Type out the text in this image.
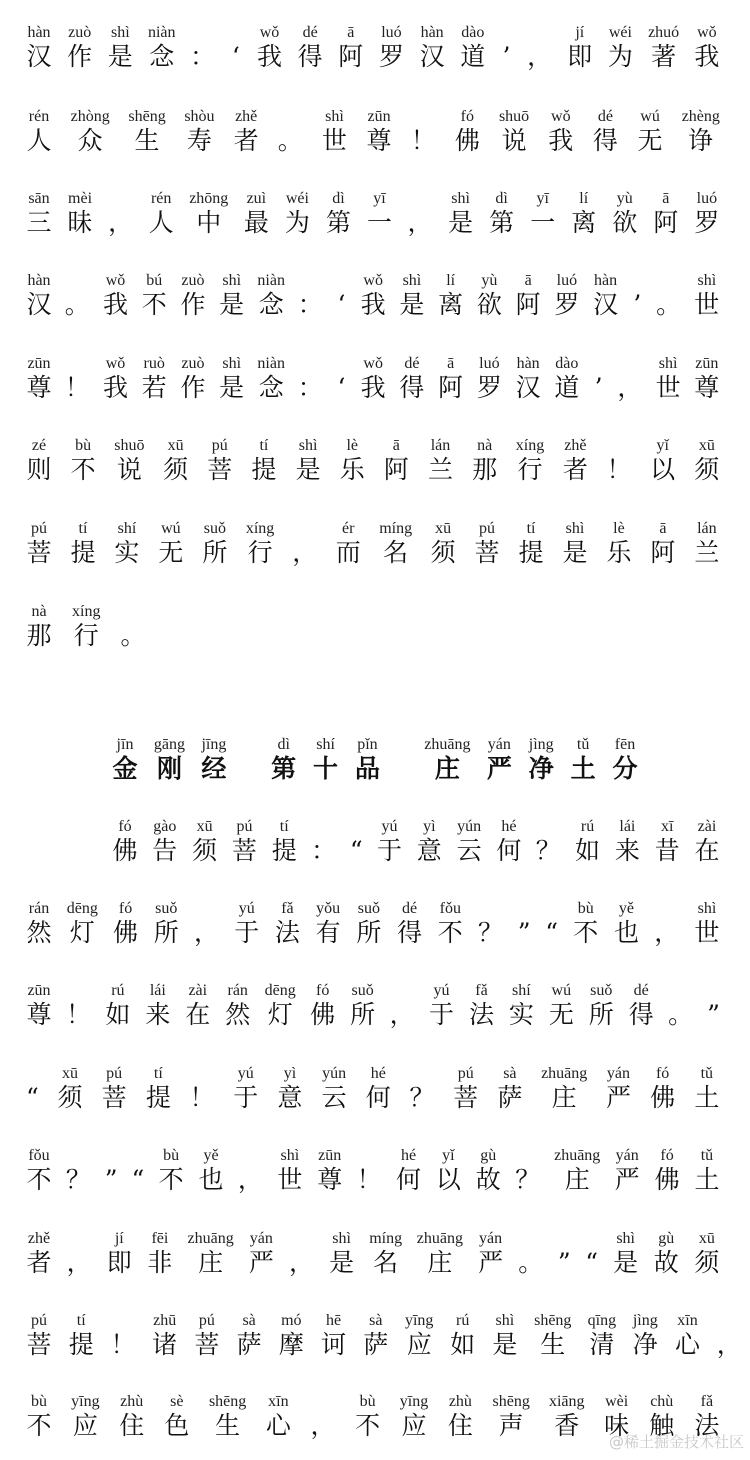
hàn
汉
zuò
作
shì
是
niàn
念 ： ‘
wǒ
我
dé
得
ā
阿
luó
罗
hàn
汉
dào
道 ’ ，
jí
即
wéi
为
zhuó
著
wǒ
我
rén
人
zhòng
众
shēng
生
shòu
寿
zhě
者 。
shì
世
zūn
尊 ！
fó
佛
shuō
说
wǒ
我
dé
得
wú
无
zhèng
诤
sān
三
mèi
昧 ，
rén
人
zhōng
中
zuì
最
wéi
为
dì
第
yī
一 ，
shì
是
dì
第
yī
一
lí
离
yù
欲
ā
阿
luó
罗
hàn
汉 。
wǒ
我
bú
不
zuò
作
shì
是
niàn
念 ： ‘
wǒ
我
shì
是
lí
离
yù
欲
ā
阿
luó
罗
hàn
汉 ’ 。
shì
世
zūn
尊 ！
wǒ
我
ruò
若
zuò
作
shì
是
niàn
念 ： ‘
wǒ
我
dé
得
ā
阿
luó
罗
hàn
汉
dào
道 ’ ，
shì
世
zūn
尊
zé
则
bù
不
shuō
说
xū
须
pú
菩
tí
提
shì
是
lè
乐
ā
阿
lán
兰
nà
那
xíng
行
zhě
者 ！
yǐ
以
xū
须
pú
菩
tí
提
shí
实
wú
无
suǒ
所
xíng
行 ，
ér
而
míng
名
xū
须
pú
菩
tí
提
shì
是
lè
乐
ā
阿
lán
兰
nà
那
xíng
行 。
jīn
金
gāng
刚
jīng
经
dì
第
shí
十
pǐn
品
zhuāng
庄
yán
严
jìng
净
tǔ
土
fēn
分
fó
佛
gào
告
xū
须
pú
菩
tí
提 ： “
yú
于
yì
意
yún
云
hé
何 ？
rú
如
lái
来
xī
昔
zài
在
rán
然
dēng
灯
fó
佛
suǒ
所 ，
yú
于
fǎ
法
yǒu
有
suǒ
所
dé
得
fǒu
不 ？ ” “
bù
不
yě
也 ，
shì
世
zūn
尊 ！
rú
如
lái
来
zài
在
rán
然
dēng
灯
fó
佛
suǒ
所 ，
yú
于
fǎ
法
shí
实
wú
无
suǒ
所
dé
得 。 ”
“
xū
须
pú
菩
tí
提 ！
yú
于
yì
意
yún
云
hé
何 ？
pú
菩
sà
萨
zhuāng
庄
yán
严
fó
佛
tǔ
土
fǒu
不 ？ ” “
bù
不
yě
也 ，
shì
世
zūn
尊 ！
hé
何
yǐ
以
gù
故 ？
zhuāng
庄
yán
严
fó
佛
tǔ
土
zhě
者 ，
jí
即
fēi
非
zhuāng
庄
yán
严 ，
shì
是
míng
名
zhuāng
庄
yán
严 。 ” “
shì
是
gù
故
xū
须
pú
菩
tí
提 ！
zhū
诸
pú
菩
sà
萨
mó
摩
hē
诃
sà
萨
yīng
应
rú
如
shì
是
shēng
生
qīng
清
jìng
净
xīn
心 ，
bù
不
yīng
应
zhù
住
sè
色
shēng
生
xīn
心 ，
bù
不
yīng
应
zhù
住
shēng
声
xiāng
香
wèi
味
chù
触
fǎ
法
@稀土掘金技术社区
